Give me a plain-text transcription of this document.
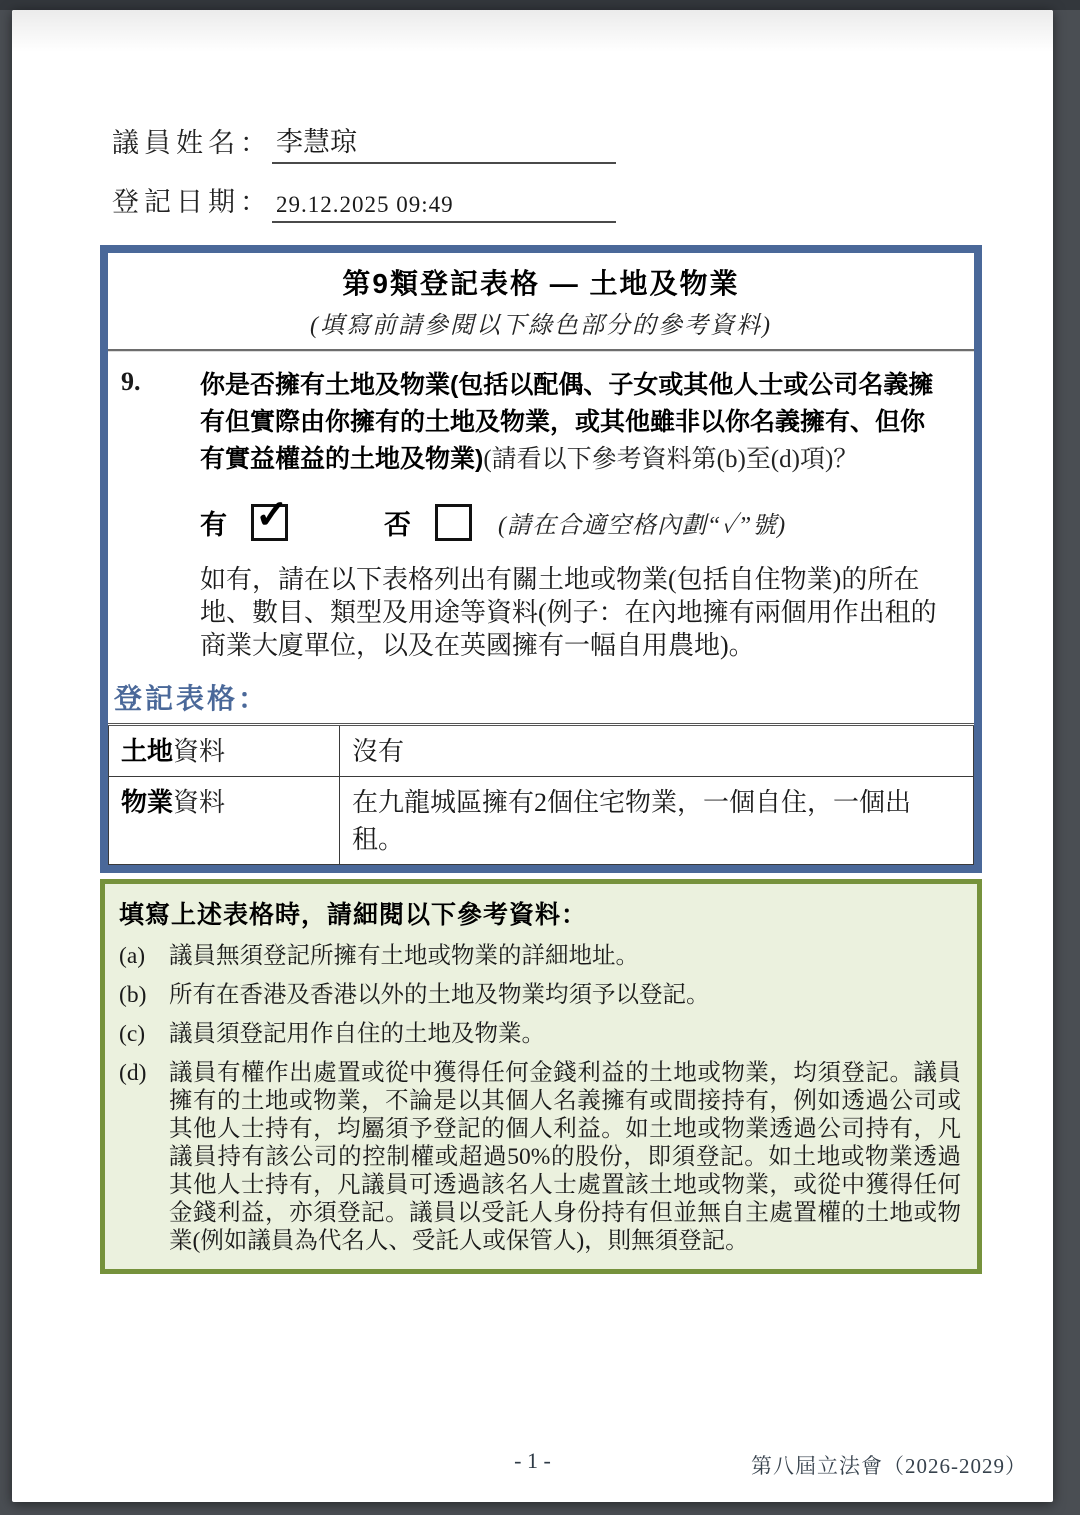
議員姓名： 李慧琼
登記日期： 29.12.2025 09:49
第9類登記表格 — 土地及物業
(填寫前請參閱以下綠色部分的參考資料)
9. 你是否擁有土地及物業(包括以配偶、子女或其他人士或公司名義擁有但實際由你擁有的土地及物業，或其他雖非以你名義擁有、但你有實益權益的土地及物業)(請看以下參考資料第(b)至(d)項)？
有 ✓	否	(請在合適空格內劃“✓”號)
如有，請在以下表格列出有關土地或物業(包括自住物業)的所在地、數目、類型及用途等資料(例子：在內地擁有兩個用作出租的商業大廈單位，以及在英國擁有一幅自用農地)。
登記表格：
土地資料	沒有
物業資料	在九龍城區擁有2個住宅物業，一個自住，一個出租。
填寫上述表格時，請細閱以下參考資料：
(a)	議員無須登記所擁有土地或物業的詳細地址。
(b) 所有在香港及香港以外的土地及物業均須予以登記。
(c)	議員須登記用作自住的土地及物業。
(d) 議員有權作出處置或從中獲得任何金錢利益的土地或物業，均須登記。議員擁有的土地或物業，不論是以其個人名義擁有或間接持有，例如透過公司或其他人士持有，均屬須予登記的個人利益。如土地或物業透過公司持有，凡議員持有該公司的控制權或超過50%的股份，即須登記。如土地或物業透過其他人士持有，凡議員可透過該名人士處置該土地或物業，或從中獲得任何金錢利益，亦須登記。議員以受託人身份持有但並無自主處置權的土地或物業(例如議員為代名人、受託人或保管人)，則無須登記。
- 1 -	第八屆立法會（2026-2029）
